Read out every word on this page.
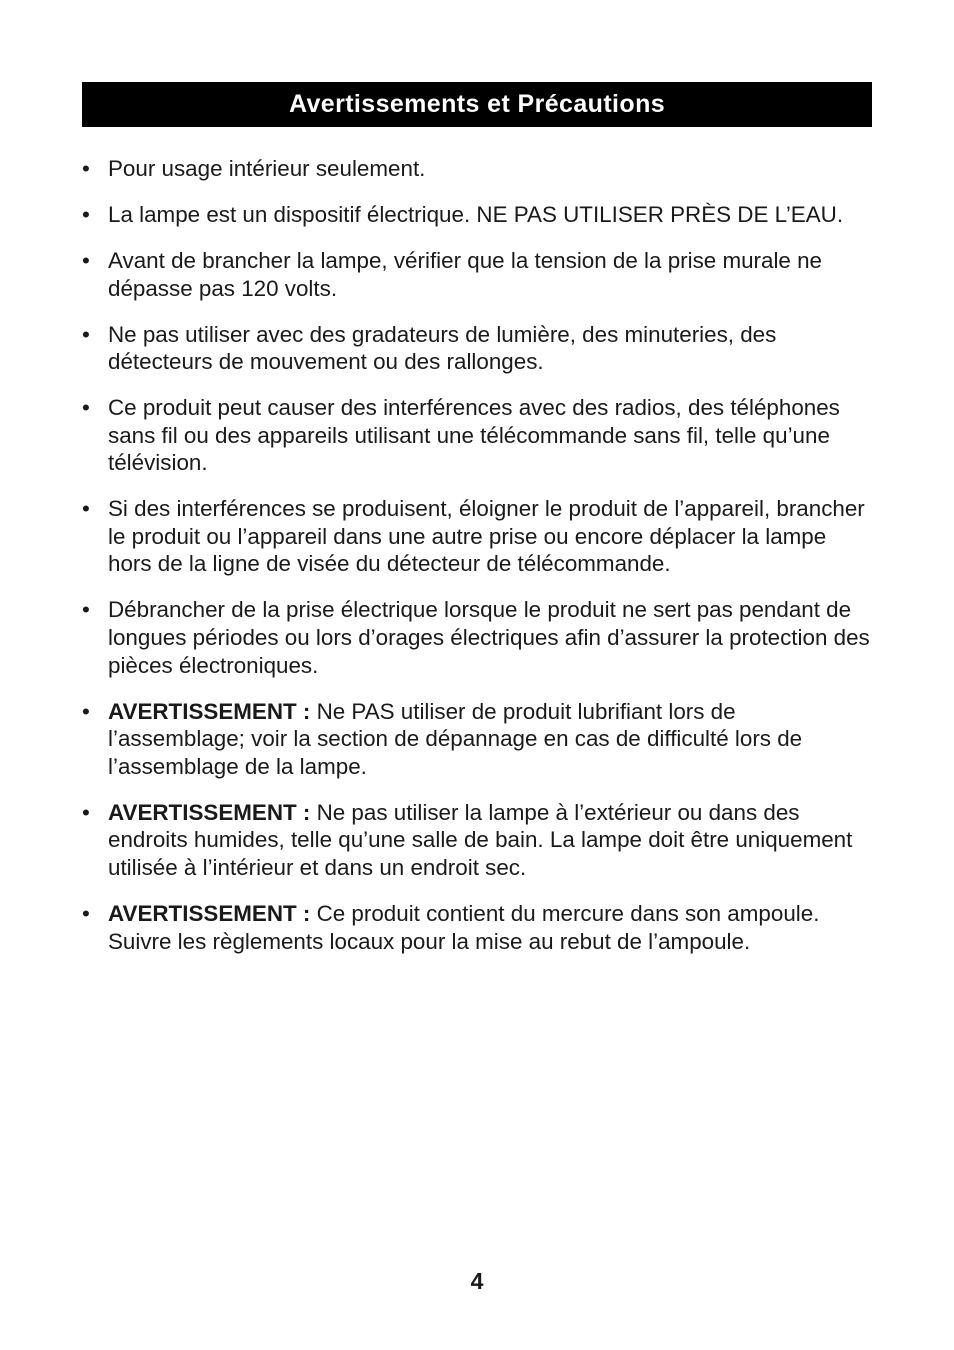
Avertissements et Précautions
• Pour usage intérieur seulement.
• La lampe est un dispositif électrique. NE PAS UTILISER PRÈS DE L’EAU.
• Avant de brancher la lampe, vérifier que la tension de la prise murale ne dépasse pas 120 volts.
• Ne pas utiliser avec des gradateurs de lumière, des minuteries, des détecteurs de mouvement ou des rallonges.
• Ce produit peut causer des interférences avec des radios, des téléphones sans fil ou des appareils utilisant une télécommande sans fil, telle qu’une télévision.
• Si des interférences se produisent, éloigner le produit de l’appareil, brancher le produit ou l’appareil dans une autre prise ou encore déplacer la lampe hors de la ligne de visée du détecteur de télécommande.
• Débrancher de la prise électrique lorsque le produit ne sert pas pendant de longues périodes ou lors d’orages électriques afin d’assurer la protection des pièces électroniques.
• AVERTISSEMENT : Ne PAS utiliser de produit lubrifiant lors de l’assemblage; voir la section de dépannage en cas de difficulté lors de l’assemblage de la lampe.
• AVERTISSEMENT : Ne pas utiliser la lampe à l’extérieur ou dans des endroits humides, telle qu’une salle de bain. La lampe doit être uniquement utilisée à l’intérieur et dans un endroit sec.
• AVERTISSEMENT : Ce produit contient du mercure dans son ampoule. Suivre les règlements locaux pour la mise au rebut de l’ampoule.
4
